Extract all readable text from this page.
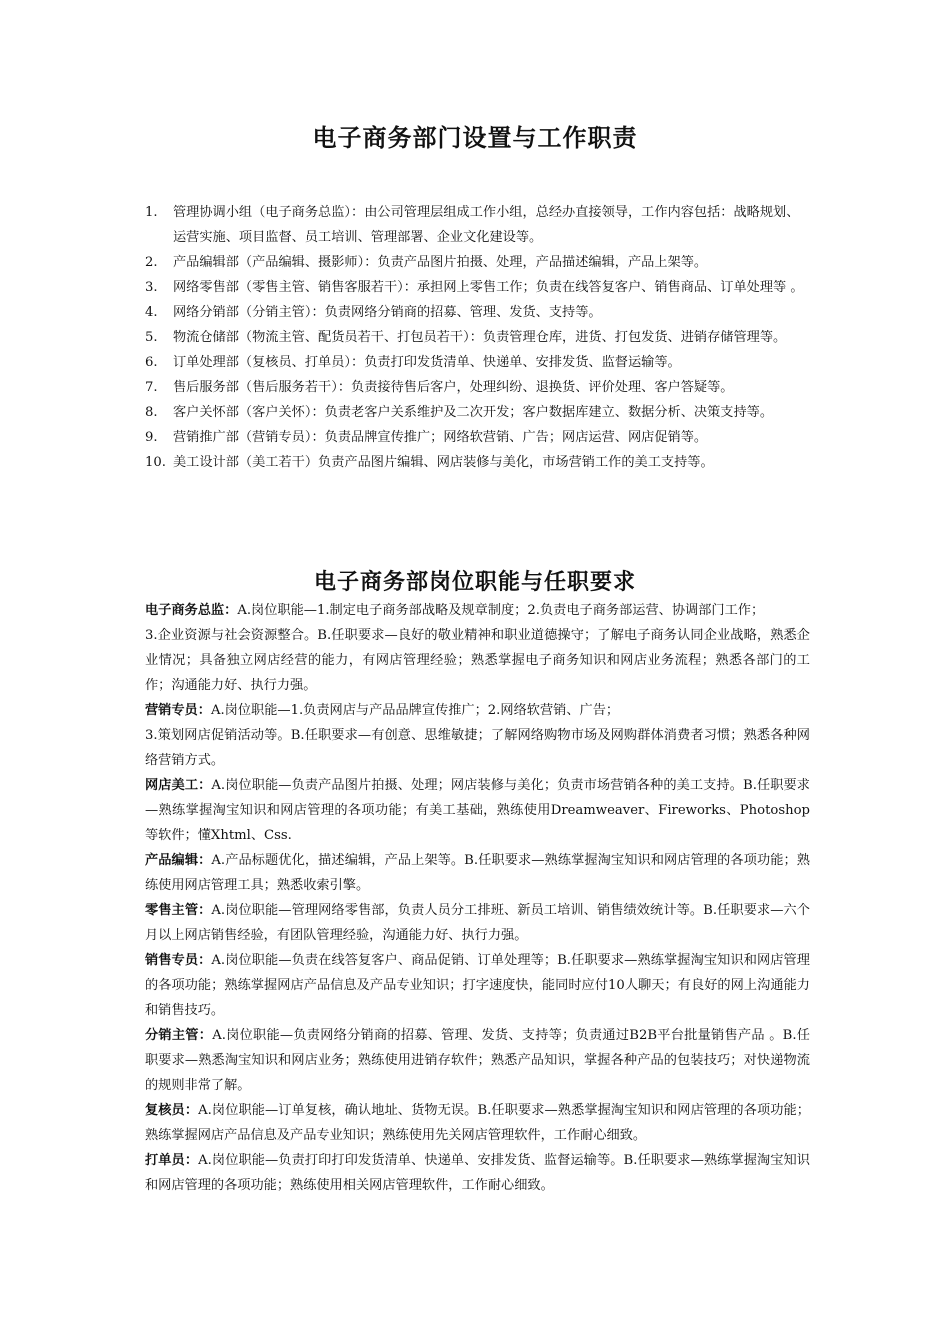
电子商务部门设置与工作职责
1. 管理协调小组（电子商务总监）：由公司管理层组成工作小组，总经办直接领导，工作内容包括：战略规划、运营实施、项目监督、员工培训、管理部署、企业文化建设等。
2. 产品编辑部（产品编辑、摄影师）：负责产品图片拍摄、处理，产品描述编辑，产品上架等。
3. 网络零售部（零售主管、销售客服若干）：承担网上零售工作；负责在线答复客户、销售商品、订单处理等 。
4. 网络分销部（分销主管）：负责网络分销商的招募、管理、发货、支持等。
5. 物流仓储部（物流主管、配货员若干、打包员若干）：负责管理仓库，进货、打包发货、进销存储管理等。
6. 订单处理部（复核员、打单员）：负责打印发货清单、快递单、安排发货、监督运输等。
7. 售后服务部（售后服务若干）：负责接待售后客户，处理纠纷、退换货、评价处理、客户答疑等。
8. 客户关怀部（客户关怀）：负责老客户关系维护及二次开发；客户数据库建立、数据分析、决策支持等。
9. 营销推广部（营销专员）：负责品牌宣传推广；网络软营销、广告；网店运营、网店促销等。
10. 美工设计部（美工若干）负责产品图片编辑、网店装修与美化，市场营销工作的美工支持等。
电子商务部岗位职能与任职要求

电子商务总监：A.岗位职能—1.制定电子商务部战略及规章制度；2.负责电子商务部运营、协调部门工作；
3.企业资源与社会资源整合。B.任职要求—良好的敬业精神和职业道德操守；了解电子商务认同企业战略，熟悉企业情况；具备独立网店经营的能力，有网店管理经验；熟悉掌握电子商务知识和网店业务流程；熟悉各部门的工作；沟通能力好、执行力强。

营销专员：A.岗位职能—1.负责网店与产品品牌宣传推广；2.网络软营销、广告；
3.策划网店促销活动等。B.任职要求—有创意、思维敏捷；了解网络购物市场及网购群体消费者习惯；熟悉各种网络营销方式。

网店美工：A.岗位职能—负责产品图片拍摄、处理；网店装修与美化；负责市场营销各种的美工支持。B.任职要求—熟练掌握淘宝知识和网店管理的各项功能；有美工基础，熟练使用Dreamweaver、Fireworks、Photoshop等软件；懂Xhtml、Css.

产品编辑：A.产品标题优化，描述编辑，产品上架等。B.任职要求—熟练掌握淘宝知识和网店管理的各项功能；熟练使用网店管理工具；熟悉收索引擎。

零售主管：A.岗位职能—管理网络零售部，负责人员分工排班、新员工培训、销售绩效统计等。B.任职要求—六个月以上网店销售经验，有团队管理经验，沟通能力好、执行力强。

销售专员：A.岗位职能—负责在线答复客户、商品促销、订单处理等；B.任职要求—熟练掌握淘宝知识和网店管理的各项功能；熟练掌握网店产品信息及产品专业知识；打字速度快，能同时应付10人聊天；有良好的网上沟通能力和销售技巧。

分销主管：A.岗位职能—负责网络分销商的招募、管理、发货、支持等；负责通过B2B平台批量销售产品 。B.任职要求—熟悉淘宝知识和网店业务；熟练使用进销存软件；熟悉产品知识，掌握各种产品的包装技巧；对快递物流的规则非常了解。

复核员：A.岗位职能—订单复核，确认地址、货物无误。B.任职要求—熟悉掌握淘宝知识和网店管理的各项功能；熟练掌握网店产品信息及产品专业知识；熟练使用先关网店管理软件，工作耐心细致。

打单员：A.岗位职能—负责打印打印发货清单、快递单、安排发货、监督运输等。B.任职要求—熟练掌握淘宝知识和网店管理的各项功能；熟练使用相关网店管理软件，工作耐心细致。
